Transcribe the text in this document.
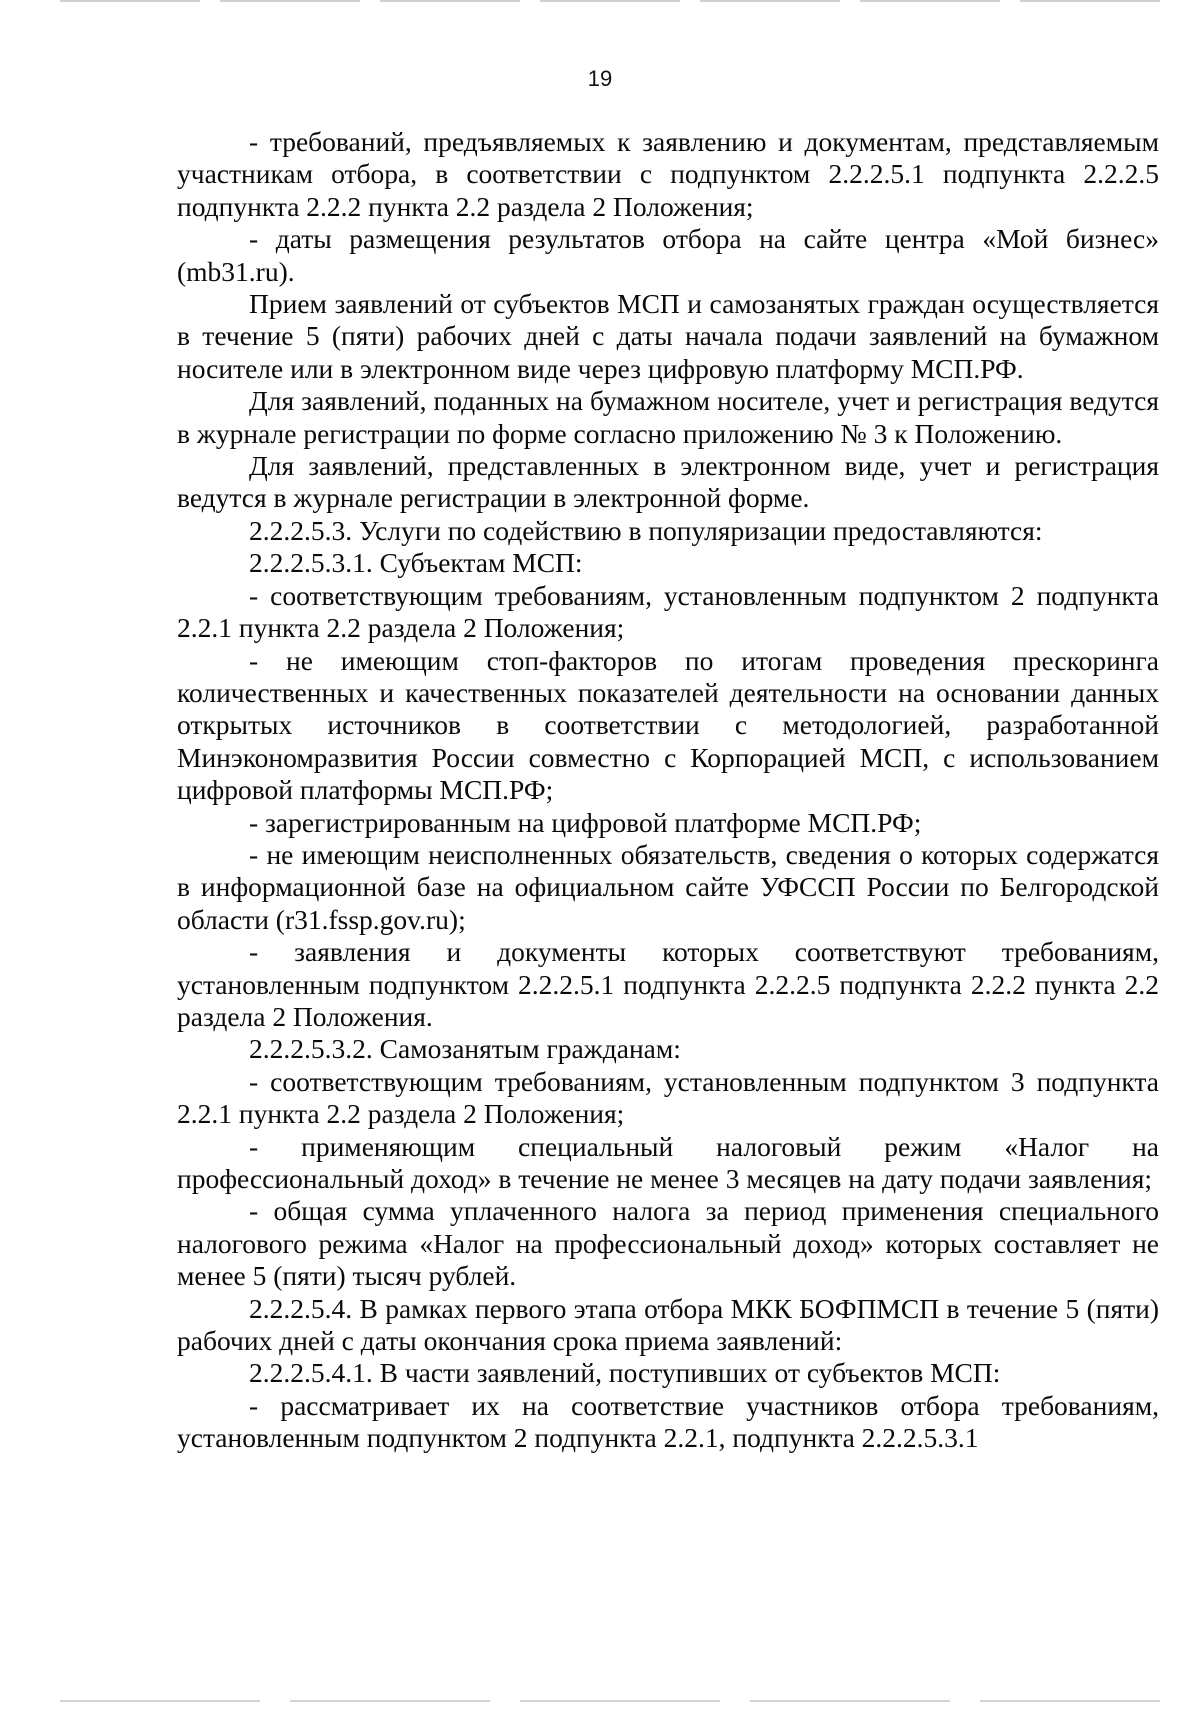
19

- требований, предъявляемых к заявлению и документам, представляемым участникам отбора, в соответствии с подпунктом 2.2.2.5.1 подпункта 2.2.2.5 подпункта 2.2.2 пункта 2.2 раздела 2 Положения;

- даты размещения результатов отбора на сайте центра «Мой бизнес» (mb31.ru).

Прием заявлений от субъектов МСП и самозанятых граждан осуществляется в течение 5 (пяти) рабочих дней с даты начала подачи заявлений на бумажном носителе или в электронном виде через цифровую платформу МСП.РФ.

Для заявлений, поданных на бумажном носителе, учет и регистрация ведутся в журнале регистрации по форме согласно приложению № 3 к Положению.

Для заявлений, представленных в электронном виде, учет и регистрация ведутся в журнале регистрации в электронной форме.

2.2.2.5.3. Услуги по содействию в популяризации предоставляются:

2.2.2.5.3.1. Субъектам МСП:

- соответствующим требованиям, установленным подпунктом 2 подпункта 2.2.1 пункта 2.2 раздела 2 Положения;

- не имеющим стоп-факторов по итогам проведения прескоринга количественных и качественных показателей деятельности на основании данных открытых источников в соответствии с методологией, разработанной Минэкономразвития России совместно с Корпорацией МСП, с использованием цифровой платформы МСП.РФ;

- зарегистрированным на цифровой платформе МСП.РФ;

- не имеющим неисполненных обязательств, сведения о которых содержатся в информационной базе на официальном сайте УФССП России по Белгородской области (r31.fssp.gov.ru);

- заявления и документы которых соответствуют требованиям, установленным подпунктом 2.2.2.5.1 подпункта 2.2.2.5 подпункта 2.2.2 пункта 2.2 раздела 2 Положения.

2.2.2.5.3.2. Самозанятым гражданам:

- соответствующим требованиям, установленным подпунктом 3 подпункта 2.2.1 пункта 2.2 раздела 2 Положения;

- применяющим специальный налоговый режим «Налог на профессиональный доход» в течение не менее 3 месяцев на дату подачи заявления;

- общая сумма уплаченного налога за период применения специального налогового режима «Налог на профессиональный доход» которых составляет не менее 5 (пяти) тысяч рублей.

2.2.2.5.4. В рамках первого этапа отбора МКК БОФПМСП в течение 5 (пяти) рабочих дней с даты окончания срока приема заявлений:

2.2.2.5.4.1. В части заявлений, поступивших от субъектов МСП:

- рассматривает их на соответствие участников отбора требованиям, установленным подпунктом 2 подпункта 2.2.1, подпункта 2.2.2.5.3.1
